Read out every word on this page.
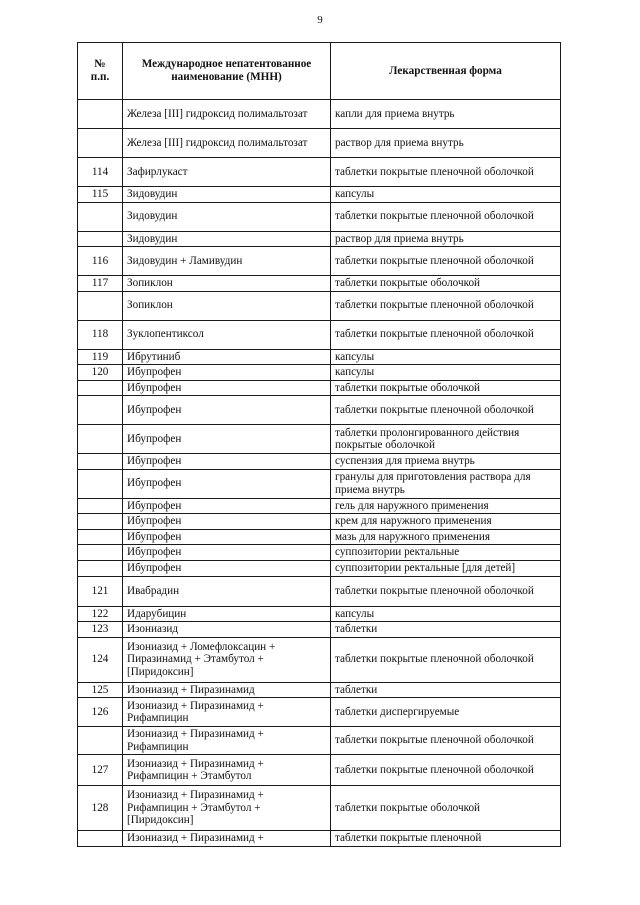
9
№
п.п.	Международное непатентованное наименование (МНН)	Лекарственная форма
	Железа [III] гидроксид полимальтозат	капли для приема внутрь
	Железа [III] гидроксид полимальтозат	раствор для приема внутрь
114	Зафирлукаст	таблетки покрытые пленочной оболочкой
115	Зидовудин	капсулы
	Зидовудин	таблетки покрытые пленочной оболочкой
	Зидовудин	раствор для приема внутрь
116	Зидовудин + Ламивудин	таблетки покрытые пленочной оболочкой
117	Зопиклон	таблетки покрытые оболочкой
	Зопиклон	таблетки покрытые пленочной оболочкой
118	Зуклопентиксол	таблетки покрытые пленочной оболочкой
119	Ибрутиниб	капсулы
120	Ибупрофен	капсулы
	Ибупрофен	таблетки покрытые оболочкой
	Ибупрофен	таблетки покрытые пленочной оболочкой
	Ибупрофен	таблетки пролонгированного действия покрытые оболочкой
	Ибупрофен	суспензия для приема внутрь
	Ибупрофен	гранулы для приготовления раствора для приема внутрь
	Ибупрофен	гель для наружного применения
	Ибупрофен	крем для наружного применения
	Ибупрофен	мазь для наружного применения
	Ибупрофен	суппозитории ректальные
	Ибупрофен	суппозитории ректальные [для детей]
121	Ивабрадин	таблетки покрытые пленочной оболочкой
122	Идарубицин	капсулы
123	Изониазид	таблетки
124	Изониазид + Ломефлоксацин + Пиразинамид + Этамбутол + [Пиридоксин]	таблетки покрытые пленочной оболочкой
125	Изониазид + Пиразинамид	таблетки
126	Изониазид + Пиразинамид + Рифампицин	таблетки диспергируемые
	Изониазид + Пиразинамид + Рифампицин	таблетки покрытые пленочной оболочкой
127	Изониазид + Пиразинамид + Рифампицин + Этамбутол	таблетки покрытые пленочной оболочкой
128	Изониазид + Пиразинамид + Рифампицин + Этамбутол + [Пиридоксин]	таблетки покрытые оболочкой
	Изониазид + Пиразинамид +	таблетки покрытые пленочной
